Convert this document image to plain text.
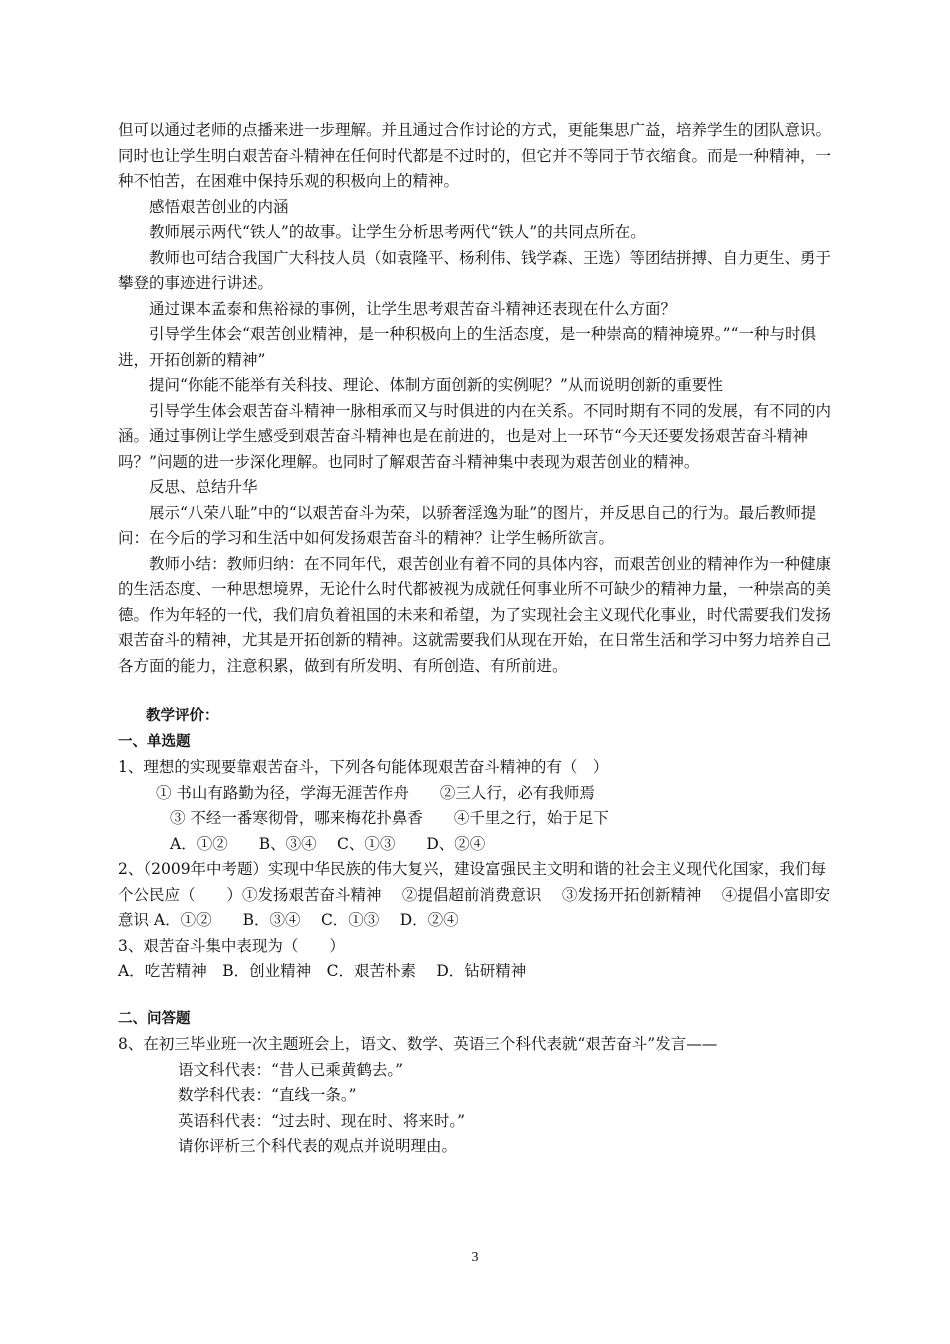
但可以通过老师的点播来进一步理解。并且通过合作讨论的方式，更能集思广益，培养学生的团队意识。同时也让学生明白艰苦奋斗精神在任何时代都是不过时的，但它并不等同于节衣缩食。而是一种精神，一种不怕苦，在困难中保持乐观的积极向上的精神。

感悟艰苦创业的内涵

教师展示两代“铁人”的故事。让学生分析思考两代“铁人”的共同点所在。

教师也可结合我国广大科技人员（如袁隆平、杨利伟、钱学森、王选）等团结拼搏、自力更生、勇于攀登的事迹进行讲述。

通过课本孟泰和焦裕禄的事例，让学生思考艰苦奋斗精神还表现在什么方面？

引导学生体会“艰苦创业精神，是一种积极向上的生活态度，是一种崇高的精神境界。”“一种与时俱进，开拓创新的精神”

提问“你能不能举有关科技、理论、体制方面创新的实例呢？”从而说明创新的重要性

引导学生体会艰苦奋斗精神一脉相承而又与时俱进的内在关系。不同时期有不同的发展，有不同的内涵。通过事例让学生感受到艰苦奋斗精神也是在前进的，也是对上一环节“今天还要发扬艰苦奋斗精神吗？”问题的进一步深化理解。也同时了解艰苦奋斗精神集中表现为艰苦创业的精神。

反思、总结升华

展示“八荣八耻”中的“以艰苦奋斗为荣，以骄奢淫逸为耻”的图片，并反思自己的行为。最后教师提问：在今后的学习和生活中如何发扬艰苦奋斗的精神？让学生畅所欲言。

教师小结：教师归纳：在不同年代，艰苦创业有着不同的具体内容，而艰苦创业的精神作为一种健康的生活态度、一种思想境界，无论什么时代都被视为成就任何事业所不可缺少的精神力量，一种崇高的美德。作为年轻的一代，我们肩负着祖国的未来和希望，为了实现社会主义现代化事业，时代需要我们发扬艰苦奋斗的精神，尤其是开拓创新的精神。这就需要我们从现在开始，在日常生活和学习中努力培养自己各方面的能力，注意积累，做到有所发明、有所创造、有所前进。

教学评价：

一、单选题

1、理想的实现要靠艰苦奋斗，下列各句能体现艰苦奋斗精神的有（　）

① 书山有路勤为径，学海无涯苦作舟　　②三人行，必有我师焉

③ 不经一番寒彻骨，哪来梅花扑鼻香　　④千里之行，始于足下

A．①②　　B、③④　 C、①③　　D、②④

2、（2009年中考题）实现中华民族的伟大复兴，建设富强民主文明和谐的社会主义现代化国家，我们每个公民应（　　）①发扬艰苦奋斗精神　 ②提倡超前消费意识　 ③发扬开拓创新精神　 ④提倡小富即安意识 A．①②　　B．③④　 C．①③　 D．②④

3、艰苦奋斗集中表现为（　　）

A．吃苦精神　B．创业精神　C．艰苦朴素　 D．钻研精神

二、问答题

8、在初三毕业班一次主题班会上，语文、数学、英语三个科代表就“艰苦奋斗”发言——

语文科代表：“昔人已乘黄鹤去。”

数学科代表：“直线一条。”

英语科代表：“过去时、现在时、将来时。”

请你评析三个科代表的观点并说明理由。

3
